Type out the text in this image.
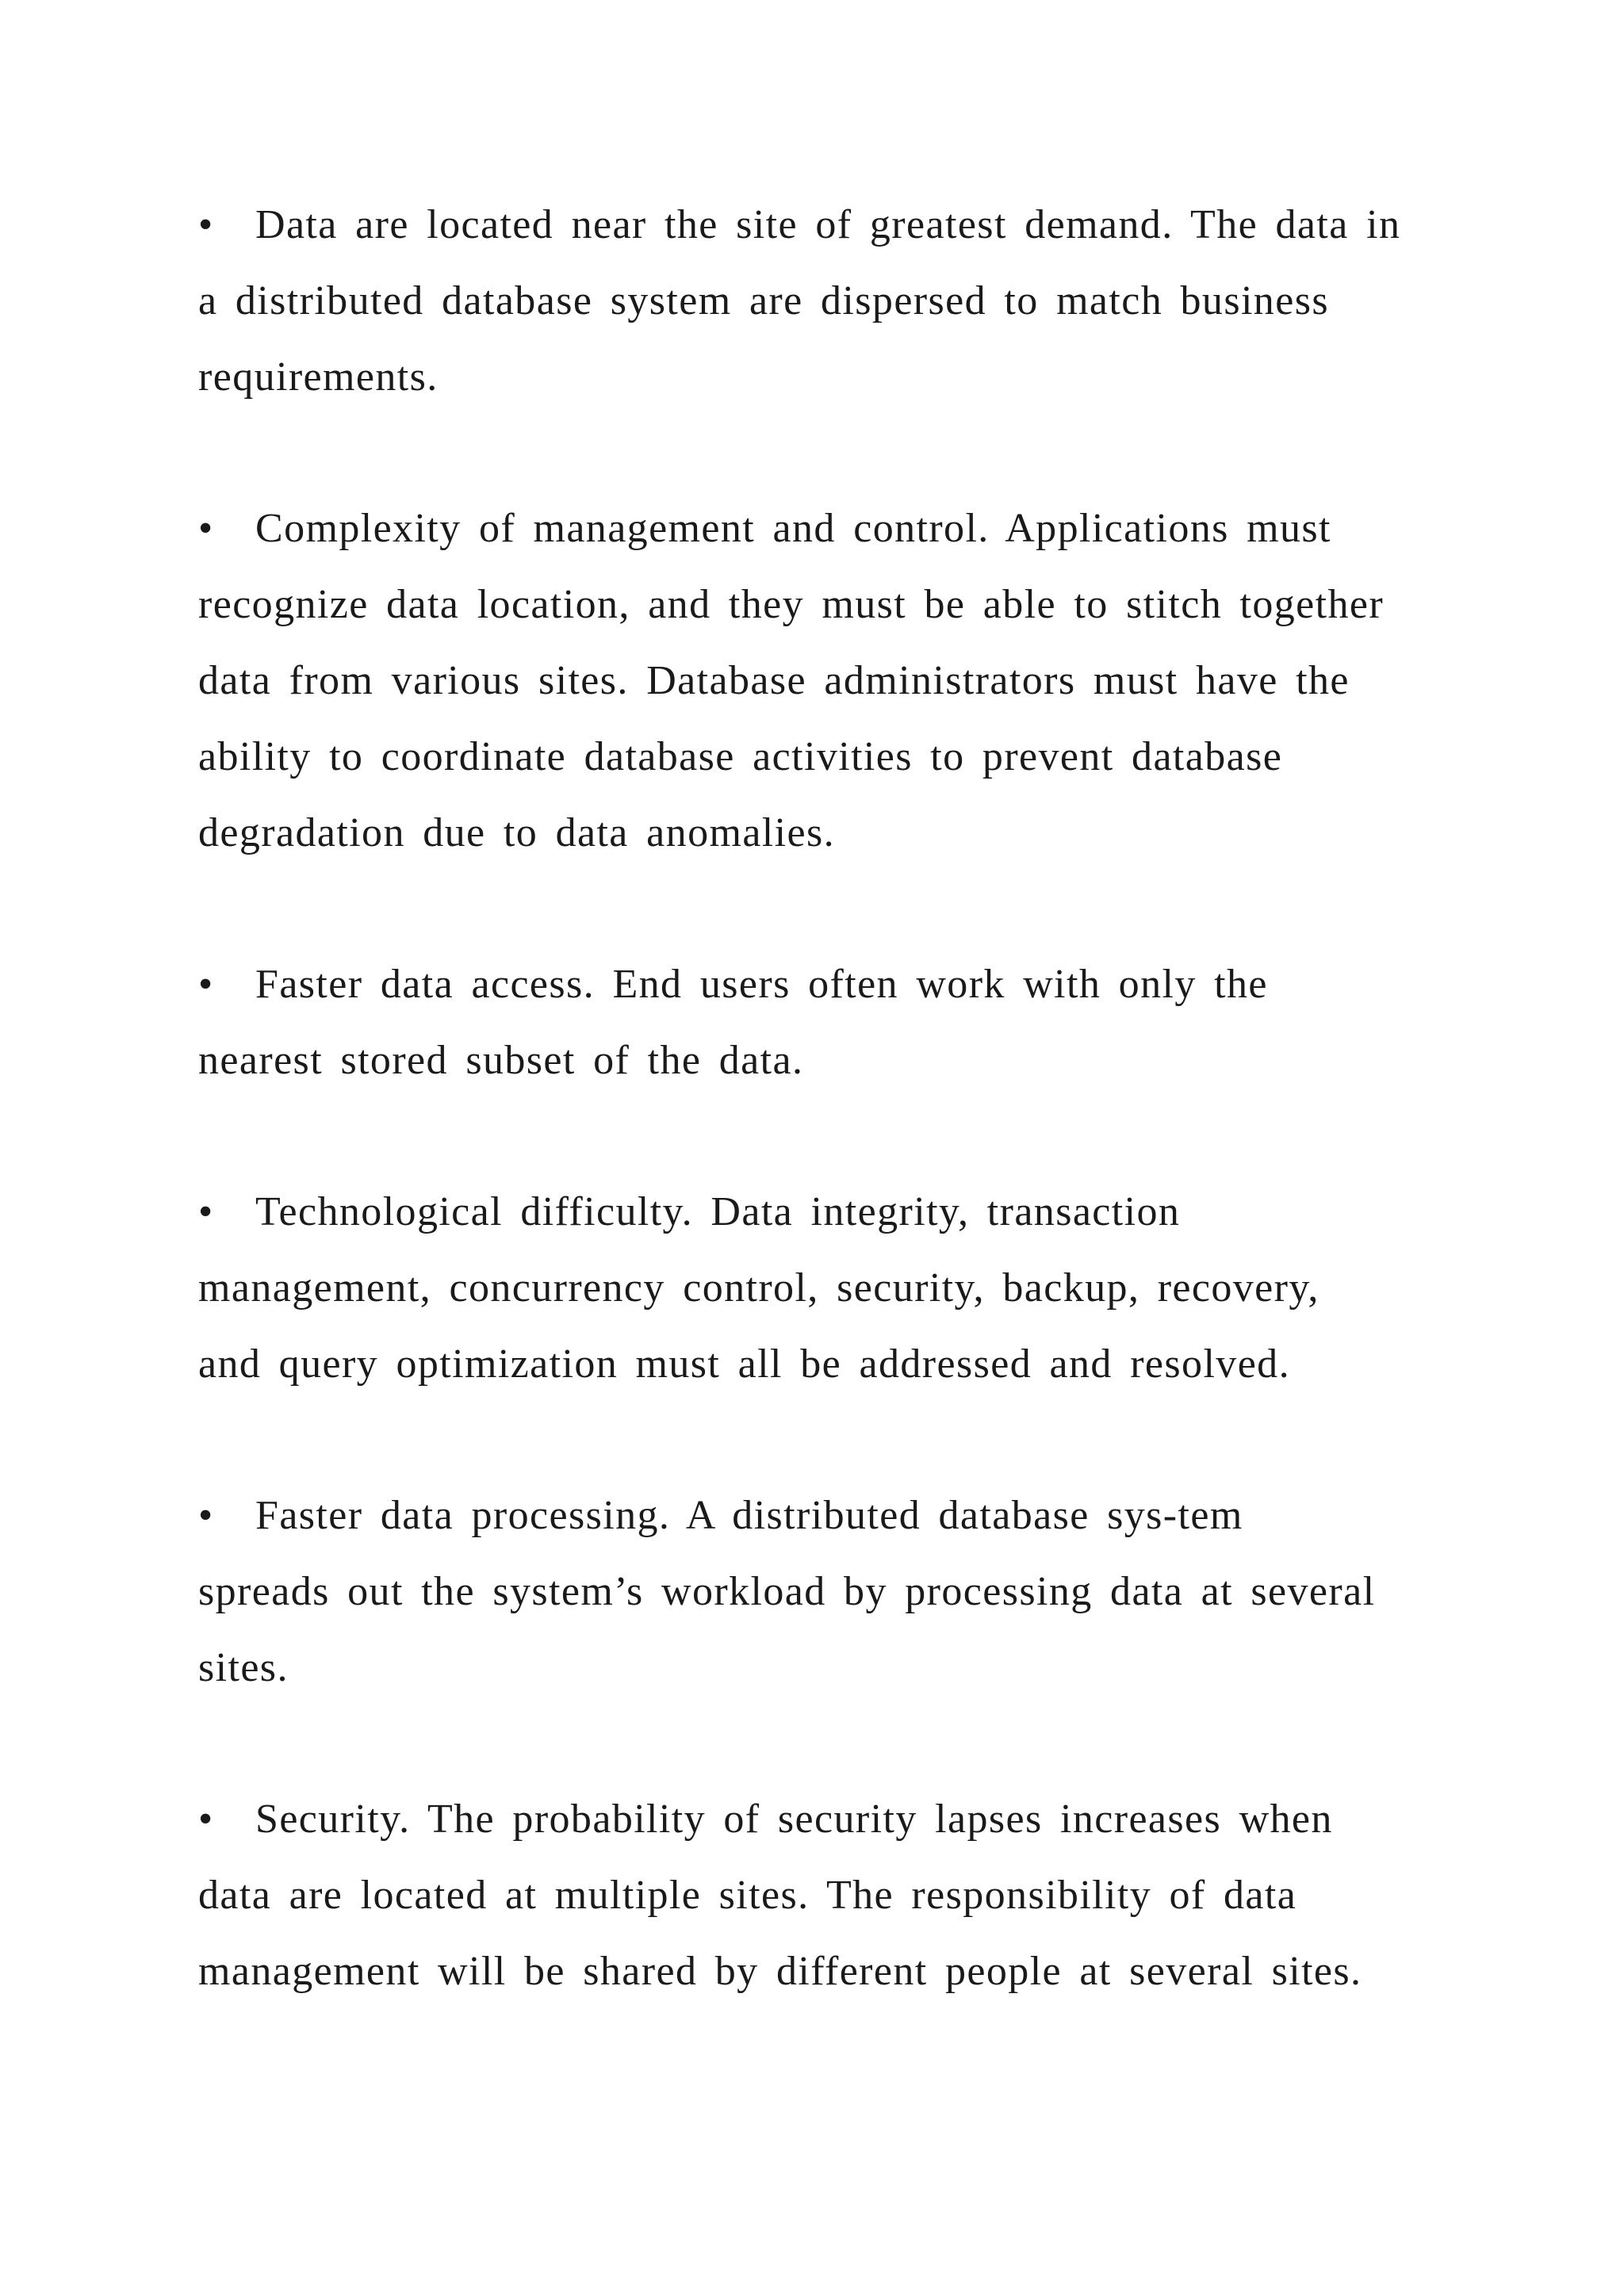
• Data are located near the site of greatest demand. The data in
a distributed database system are dispersed to match business
requirements.
• Complexity of management and control. Applications must
recognize data location, and they must be able to stitch together
data from various sites. Database administrators must have the
ability to coordinate database activities to prevent database
degradation due to data anomalies.
• Faster data access. End users often work with only the
nearest stored subset of the data.
• Technological difficulty. Data integrity, transaction
management, concurrency control, security, backup, recovery,
and query optimization must all be addressed and resolved.
• Faster data processing. A distributed database sys-tem
spreads out the system’s workload by processing data at several
sites.
• Security. The probability of security lapses increases when
data are located at multiple sites. The responsibility of data
management will be shared by different people at several sites.
